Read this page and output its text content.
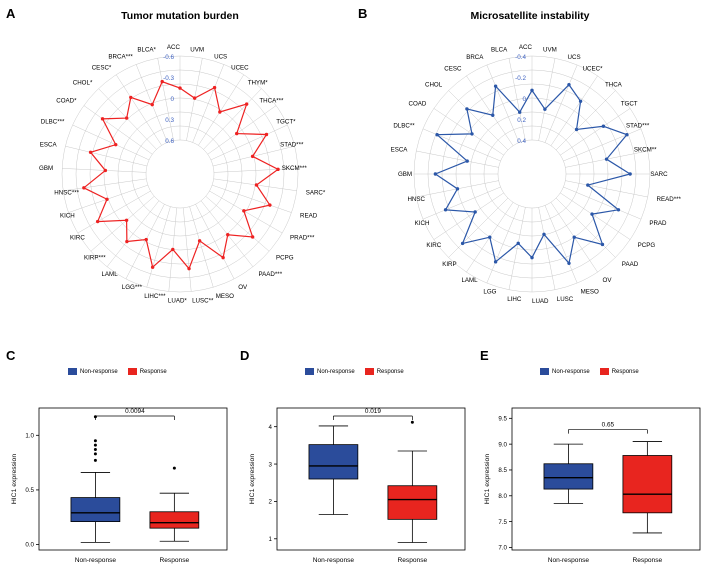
A	B
C	D	E
Tumor mutation burden	Microsatellite instability
ACC UVM
UCS
UCEC
THYM*
THCA***
TGCT*
STAD***
SKCM***
SARC*
READ
PRAD***
PCPG
PAAD***
OV
MESO
LUSC**
LUAD*
LIHC***
LGG***
LAML
KIRP***
KIRC
KICH
HNSC***
GBM
ESCA
DLBC***
COAD*
CHOL*
CESC*
BRCA***
BLCA*
0.6
0.3
0
-0.3
-0.6
ACC UVM
UCS
UCEC*
THCA
TGCT
STAD***
SKCM**
SARC
READ***
PRAD
PCPG
PAAD
OV
MESO
LUSC
LUAD
LIHC
LGG
LAML
KIRP
KIRC
KICH
HNSC
GBM
ESCA
DLBC**
COAD
CHOL
CESC
BRCA
BLCA
0.4
0.2
0
-0.2
-0.4
Non-response	Response	Non-response	Response	Non-response	Response
0.0
0.5
1.0
HIC1 expression
Non-response	Response
0.0094
1
2
3
4
HIC1 expression
Non-response	Response
0.019
7.0
7.5
8.0
8.5
9.0
9.5
HIC1 expression
Non-response	Response
0.65
